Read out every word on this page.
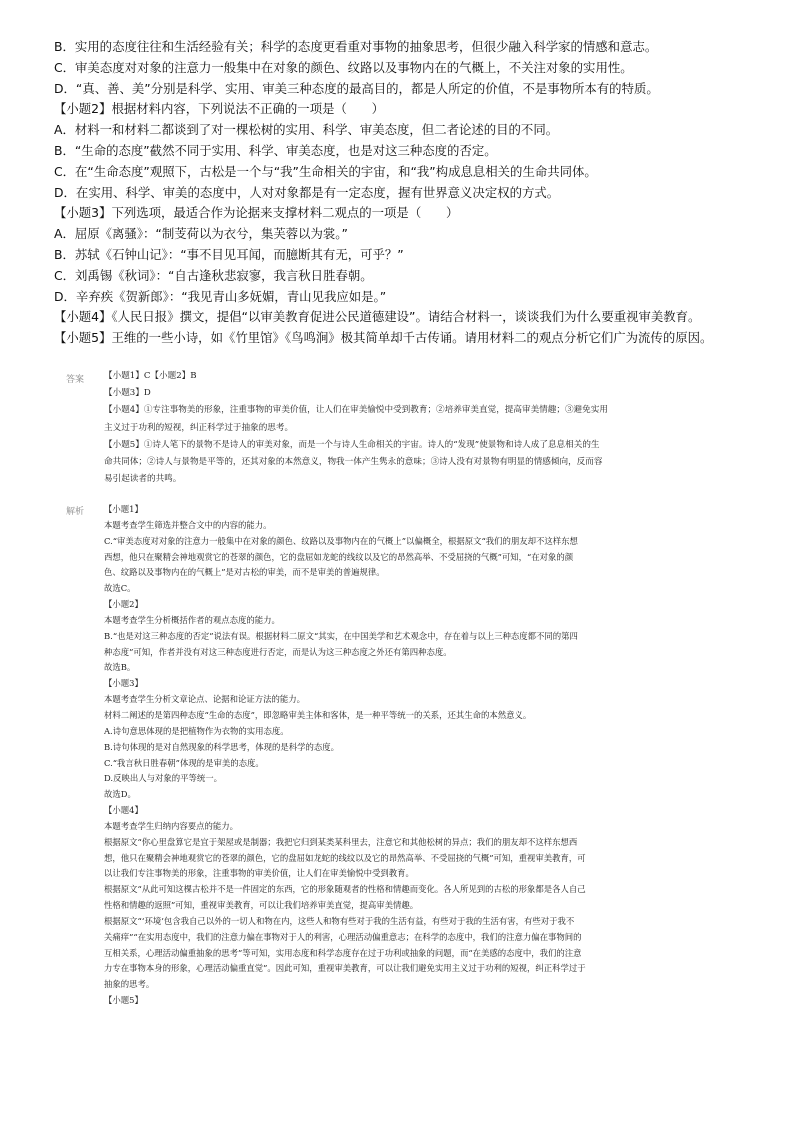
B．实用的态度往往和生活经验有关；科学的态度更看重对事物的抽象思考，但很少融入科学家的情感和意志。
C．审美态度对对象的注意力一般集中在对象的颜色、纹路以及事物内在的气概上，不关注对象的实用性。
D．“真、善、美”分别是科学、实用、审美三种态度的最高目的，都是人所定的价值，不是事物所本有的特质。
【小题2】根据材料内容，下列说法不正确的一项是（　　）
A．材料一和材料二都谈到了对一棵松树的实用、科学、审美态度，但二者论述的目的不同。
B．“生命的态度”截然不同于实用、科学、审美态度，也是对这三种态度的否定。
C．在“生命态度”观照下，古松是一个与“我”生命相关的宇宙，和“我”构成息息相关的生命共同体。
D．在实用、科学、审美的态度中，人对对象都是有一定态度，握有世界意义决定权的方式。
【小题3】下列选项，最适合作为论据来支撑材料二观点的一项是（　　）
A．屈原《离骚》：“制芰荷以为衣兮，集芙蓉以为裳。”
B．苏轼《石钟山记》：“事不目见耳闻，而臆断其有无，可乎？”
C．刘禹锡《秋词》：“自古逢秋悲寂寥，我言秋日胜春朝。
D．辛弃疾《贺新郎》：“我见青山多妩媚，青山见我应如是。”
【小题4】《人民日报》撰文，提倡“以审美教育促进公民道德建设”。请结合材料一，谈谈我们为什么要重视审美教育。
【小题5】王维的一些小诗，如《竹里馆》《鸟鸣涧》极其简单却千古传诵。请用材料二的观点分析它们广为流传的原因。
答案 【小题1】C【小题2】B
【小题3】D
【小题4】①专注事物美的形象，注重事物的审美价值，让人们在审美愉悦中受到教育；②培养审美直觉，提高审美情趣；③避免实用
主义过于功利的短视，纠正科学过于抽象的思考。
【小题5】①诗人笔下的景物不是诗人的审美对象，而是一个与诗人生命相关的宇宙。诗人的“发现”使景物和诗人成了息息相关的生
命共同体；②诗人与景物是平等的，还其对象的本然意义，物我一体产生隽永的意味；③诗人没有对景物有明显的情感倾向，反而容
易引起读者的共鸣。
解析 【小题1】
本题考查学生筛选并整合文中的内容的能力。
C.“审美态度对对象的注意力一般集中在对象的颜色、纹路以及事物内在的气概上”以偏概全，根据原文“我们的朋友却不这样东想
西想，他只在聚精会神地观赏它的苍翠的颜色，它的盘屈如龙蛇的线纹以及它的昂然高举、不受屈挠的气概”可知，“在对象的颜
色、纹路以及事物内在的气概上”是对古松的审美，而不是审美的普遍规律。
故选C。
【小题2】
本题考查学生分析概括作者的观点态度的能力。
B.“也是对这三种态度的否定”说法有误。根据材料二原文“其实，在中国美学和艺术观念中，存在着与以上三种态度都不同的第四
种态度”可知，作者并没有对这三种态度进行否定，而是认为这三种态度之外还有第四种态度。
故选B。
【小题3】
本题考查学生分析文章论点、论据和论证方法的能力。
材料二阐述的是第四种态度“生命的态度”，即忽略审美主体和客体，是一种平等统一的关系，还其生命的本然意义。
A.诗句意思体现的是把植物作为衣物的实用态度。
B.诗句体现的是对自然现象的科学思考，体现的是科学的态度。
C.“我言秋日胜春朝”体现的是审美的态度。
D.反映出人与对象的平等统一。
故选D。
【小题4】
本题考查学生归纳内容要点的能力。
根据原文“你心里盘算它是宜于架屋或是制器；我把它归到某类某科里去，注意它和其他松树的异点；我们的朋友却不这样东想西
想，他只在聚精会神地观赏它的苍翠的颜色，它的盘屈如龙蛇的线纹以及它的昂然高举、不受屈挠的气概”可知，重视审美教育，可
以让我们专注事物美的形象，注重事物的审美价值，让人们在审美愉悦中受到教育。
根据原文“从此可知这棵古松并不是一件固定的东西，它的形象随观者的性格和情趣而变化。各人所见到的古松的形象都是各人自己
性格和情趣的返照”可知，重视审美教育，可以让我们培养审美直觉，提高审美情趣。
根据原文“‘环境’包含我自己以外的一切人和物在内，这些人和物有些对于我的生活有益，有些对于我的生活有害，有些对于我不
关痛痒”“在实用态度中，我们的注意力偏在事物对于人的利害，心理活动偏重意志；在科学的态度中，我们的注意力偏在事物间的
互相关系，心理活动偏重抽象的思考”等可知，实用态度和科学态度存在过于功利或抽象的问题，而“在美感的态度中，我们的注意
力专在事物本身的形象，心理活动偏重直觉”。因此可知，重视审美教育，可以让我们避免实用主义过于功利的短视，纠正科学过于
抽象的思考。
【小题5】
